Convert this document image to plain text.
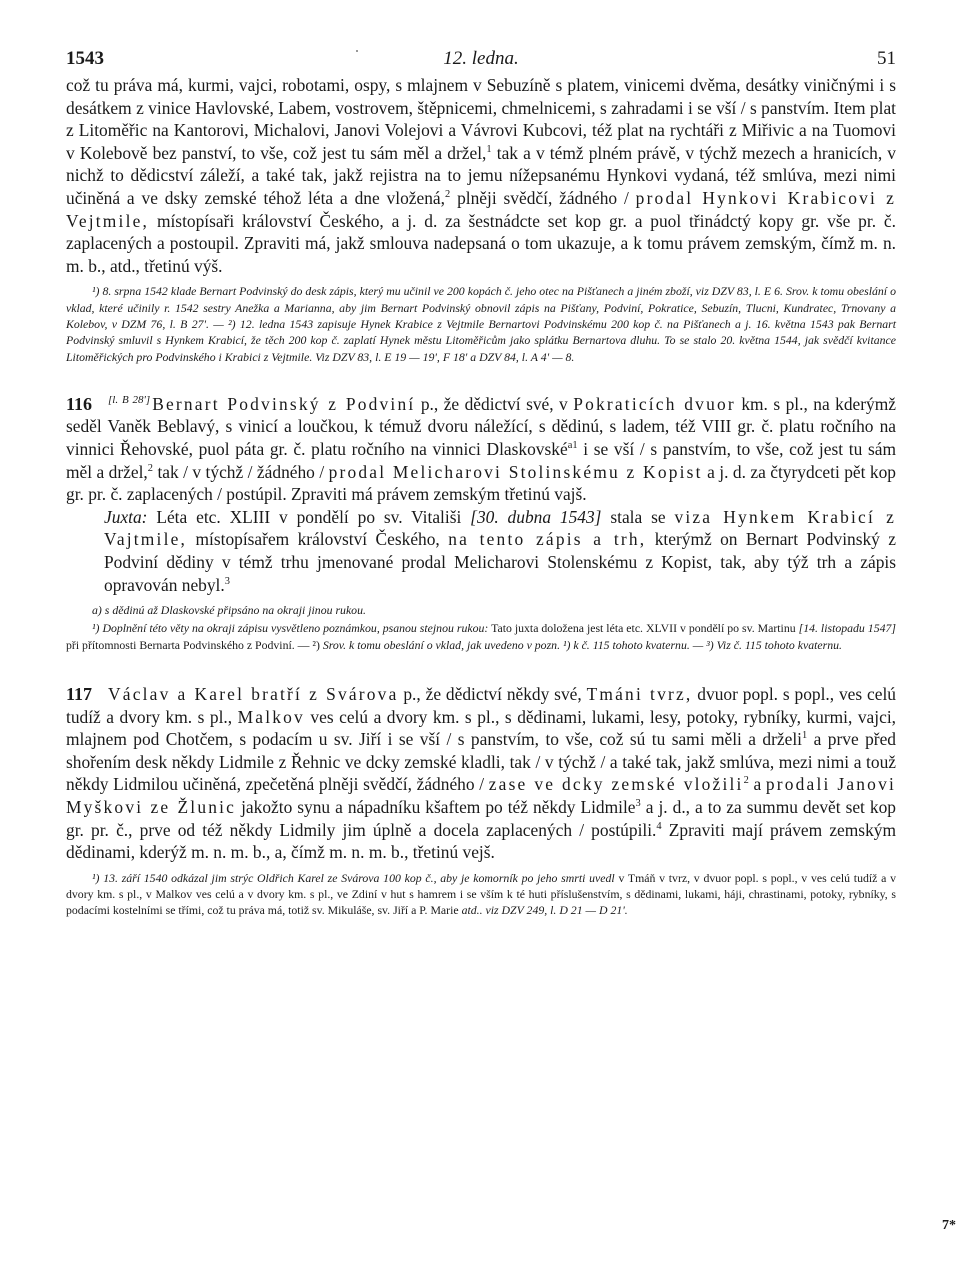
1543	12. ledna.	51

což tu práva má, kurmi, vajci, robotami, ospy, s mlajnem v Sebuzíně s platem, vinicemi dvěma, desátky viničnými i s desátkem z vinice Havlovské, Labem, vostrovem, štěpnicemi, chmelnicemi, s zahradami i se vší / s panstvím. Item plat z Litoměřic na Kantorovi, Michalovi, Janovi Volejovi a Vávrovi Kubcovi, též plat na rychtáři z Miřivic a na Tuomovi v Kolebově bez panství, to vše, což jest tu sám měl a držel,$^1$ tak a v témž plném právě, v týchž mezech a hranicích, v nichž to dědicství záleží, a také tak, jakž rejistra na to jemu nížepsanému Hynkovi vydaná, též smlúva, mezi nimi učiněná a ve dsky zemské téhož léta a dne vložená,$^2$ plněji svědčí, žádného / prodal Hynkovi Krabicovi z Vejtmile, místopísaři království Českého, a j. d. za šestnádcte set kop gr. a puol třinádctý kopy gr. vše pr. č. zaplacených a postoupil. Zpraviti má, jakž smlouva nadepsaná o tom ukazuje, a k tomu právem zemským, čímž m. n. m. b., atd., třetinú výš.

¹) 8. srpna 1542 klade Bernart Podvinský do desk zápis, který mu učinil ve 200 kopách č. jeho otec na Pišťanech a jiném zboží, viz DZV 83, l. E 6. Srov. k tomu obeslání o vklad, které učinily r. 1542 sestry Anežka a Marianna, aby jim Bernart Podvinský obnovil zápis na Pišťany, Podviní, Pokratice, Sebuzín, Tlucni, Kundratec, Trnovany a Kolebov, v DZM 76, l. B 27'. — ²) 12. ledna 1543 zapisuje Hynek Krabice z Vejtmile Bernartovi Podvinskému 200 kop č. na Pišťanech a j. 16. května 1543 pak Bernart Podvinský smluvil s Hynkem Krabicí, že těch 200 kop č. zaplatí Hynek městu Litoměřicům jako splátku Bernartova dluhu. To se stalo 20. května 1544, jak svědčí kvitance Litoměřických pro Podvinského i Krabici z Vejtmile. Viz DZV 83, l. E 19 — 19', F 18' a DZV 84, l. A 4' — 8.

116 [l. B 28'] Bernart Podvinský z Podviní p., že dědictví své, v Pokraticích dvuor km. s pl., na kderýmž seděl Vaněk Beblavý, s vinicí a loučkou, k témuž dvoru náležící, s dědinú, s ladem, též VIII gr. č. platu ročního na vinnici Řehovské, puol páta gr. č. platu ročního na vinnici Dlaskovské$^{a1}$ i se vší / s panstvím, to vše, což jest tu sám měl a držel,$^2$ tak / v týchž / žádného / prodal Melicharovi Stolinskému z Kopist a j. d. za čtyrydceti pět kop gr. pr. č. zaplacených / postúpil. Zpraviti má právem zemským třetinú vajš.

Juxta: Léta etc. XLIII v pondělí po sv. Vitališi [30. dubna 1543] stala se viza Hynkem Krabicí z Vajtmile, místopísařem království Českého, na tento zápis a trh, kterýmž on Bernart Podvinský z Podviní dědiny v témž trhu jmenované prodal Melicharovi Stolenskému z Kopist, tak, aby týž trh a zápis opravován nebyl.$^3$

a) s dědinú až Dlaskovské připsáno na okraji jinou rukou.

¹) Doplnění této věty na okraji zápisu vysvětleno poznámkou, psanou stejnou rukou: Tato juxta doložena jest léta etc. XLVII v pondělí po sv. Martinu [14. listopadu 1547] při přítomnosti Bernarta Podvinského z Podviní. — ²) Srov. k tomu obeslání o vklad, jak uvedeno v pozn. ¹) k č. 115 tohoto kvaternu. — ³) Viz č. 115 tohoto kvaternu.

117 Václav a Karel bratří z Svárova p., že dědictví někdy své, Tmáni tvrz, dvuor popl. s popl., ves celú tudíž a dvory km. s pl., Malkov ves celú a dvory km. s pl., s dědinami, lukami, lesy, potoky, rybníky, kurmi, vajci, mlajnem pod Chotčem, s podacím u sv. Jiří i se vší / s panstvím, to vše, což sú tu sami měli a drželi$^1$ a prve před shořením desk někdy Lidmile z Řehnic ve dcky zemské kladli, tak / v týchž / a také tak, jakž smlúva, mezi nimi a touž někdy Lidmilou učiněná, zpečetěná plněji svědčí, žádného / zase ve dcky zemské vložili$^2$ a prodali Janovi Myškovi ze Žlunic jakožto synu a nápadníku kšaftem po též někdy Lidmile$^3$ a j. d., a to za summu devět set kop gr. pr. č., prve od též někdy Lidmily jim úplně a docela zaplacených / postúpili.$^4$ Zpraviti mají právem zemským dědinami, kderýž m. n. m. b., a, čímž m. n. m. b., třetinú vejš.

¹) 13. září 1540 odkázal jim strýc Oldřich Karel ze Svárova 100 kop č., aby je komorník po jeho smrti uvedl v Tmáň v tvrz, v dvuor popl. s popl., v ves celú tudíž a v dvory km. s pl., v Malkov ves celú a v dvory km. s pl., ve Zdiní v hut s hamrem i se vším k té huti příslušenstvím, s dědinami, lukami, háji, chrastinami, potoky, rybníky, s podacími kostelními se třími, což tu práva má, totiž sv. Mikuláše, sv. Jiří a P. Marie atd.. viz DZV 249, l. D 21 — D 21'.

7*
